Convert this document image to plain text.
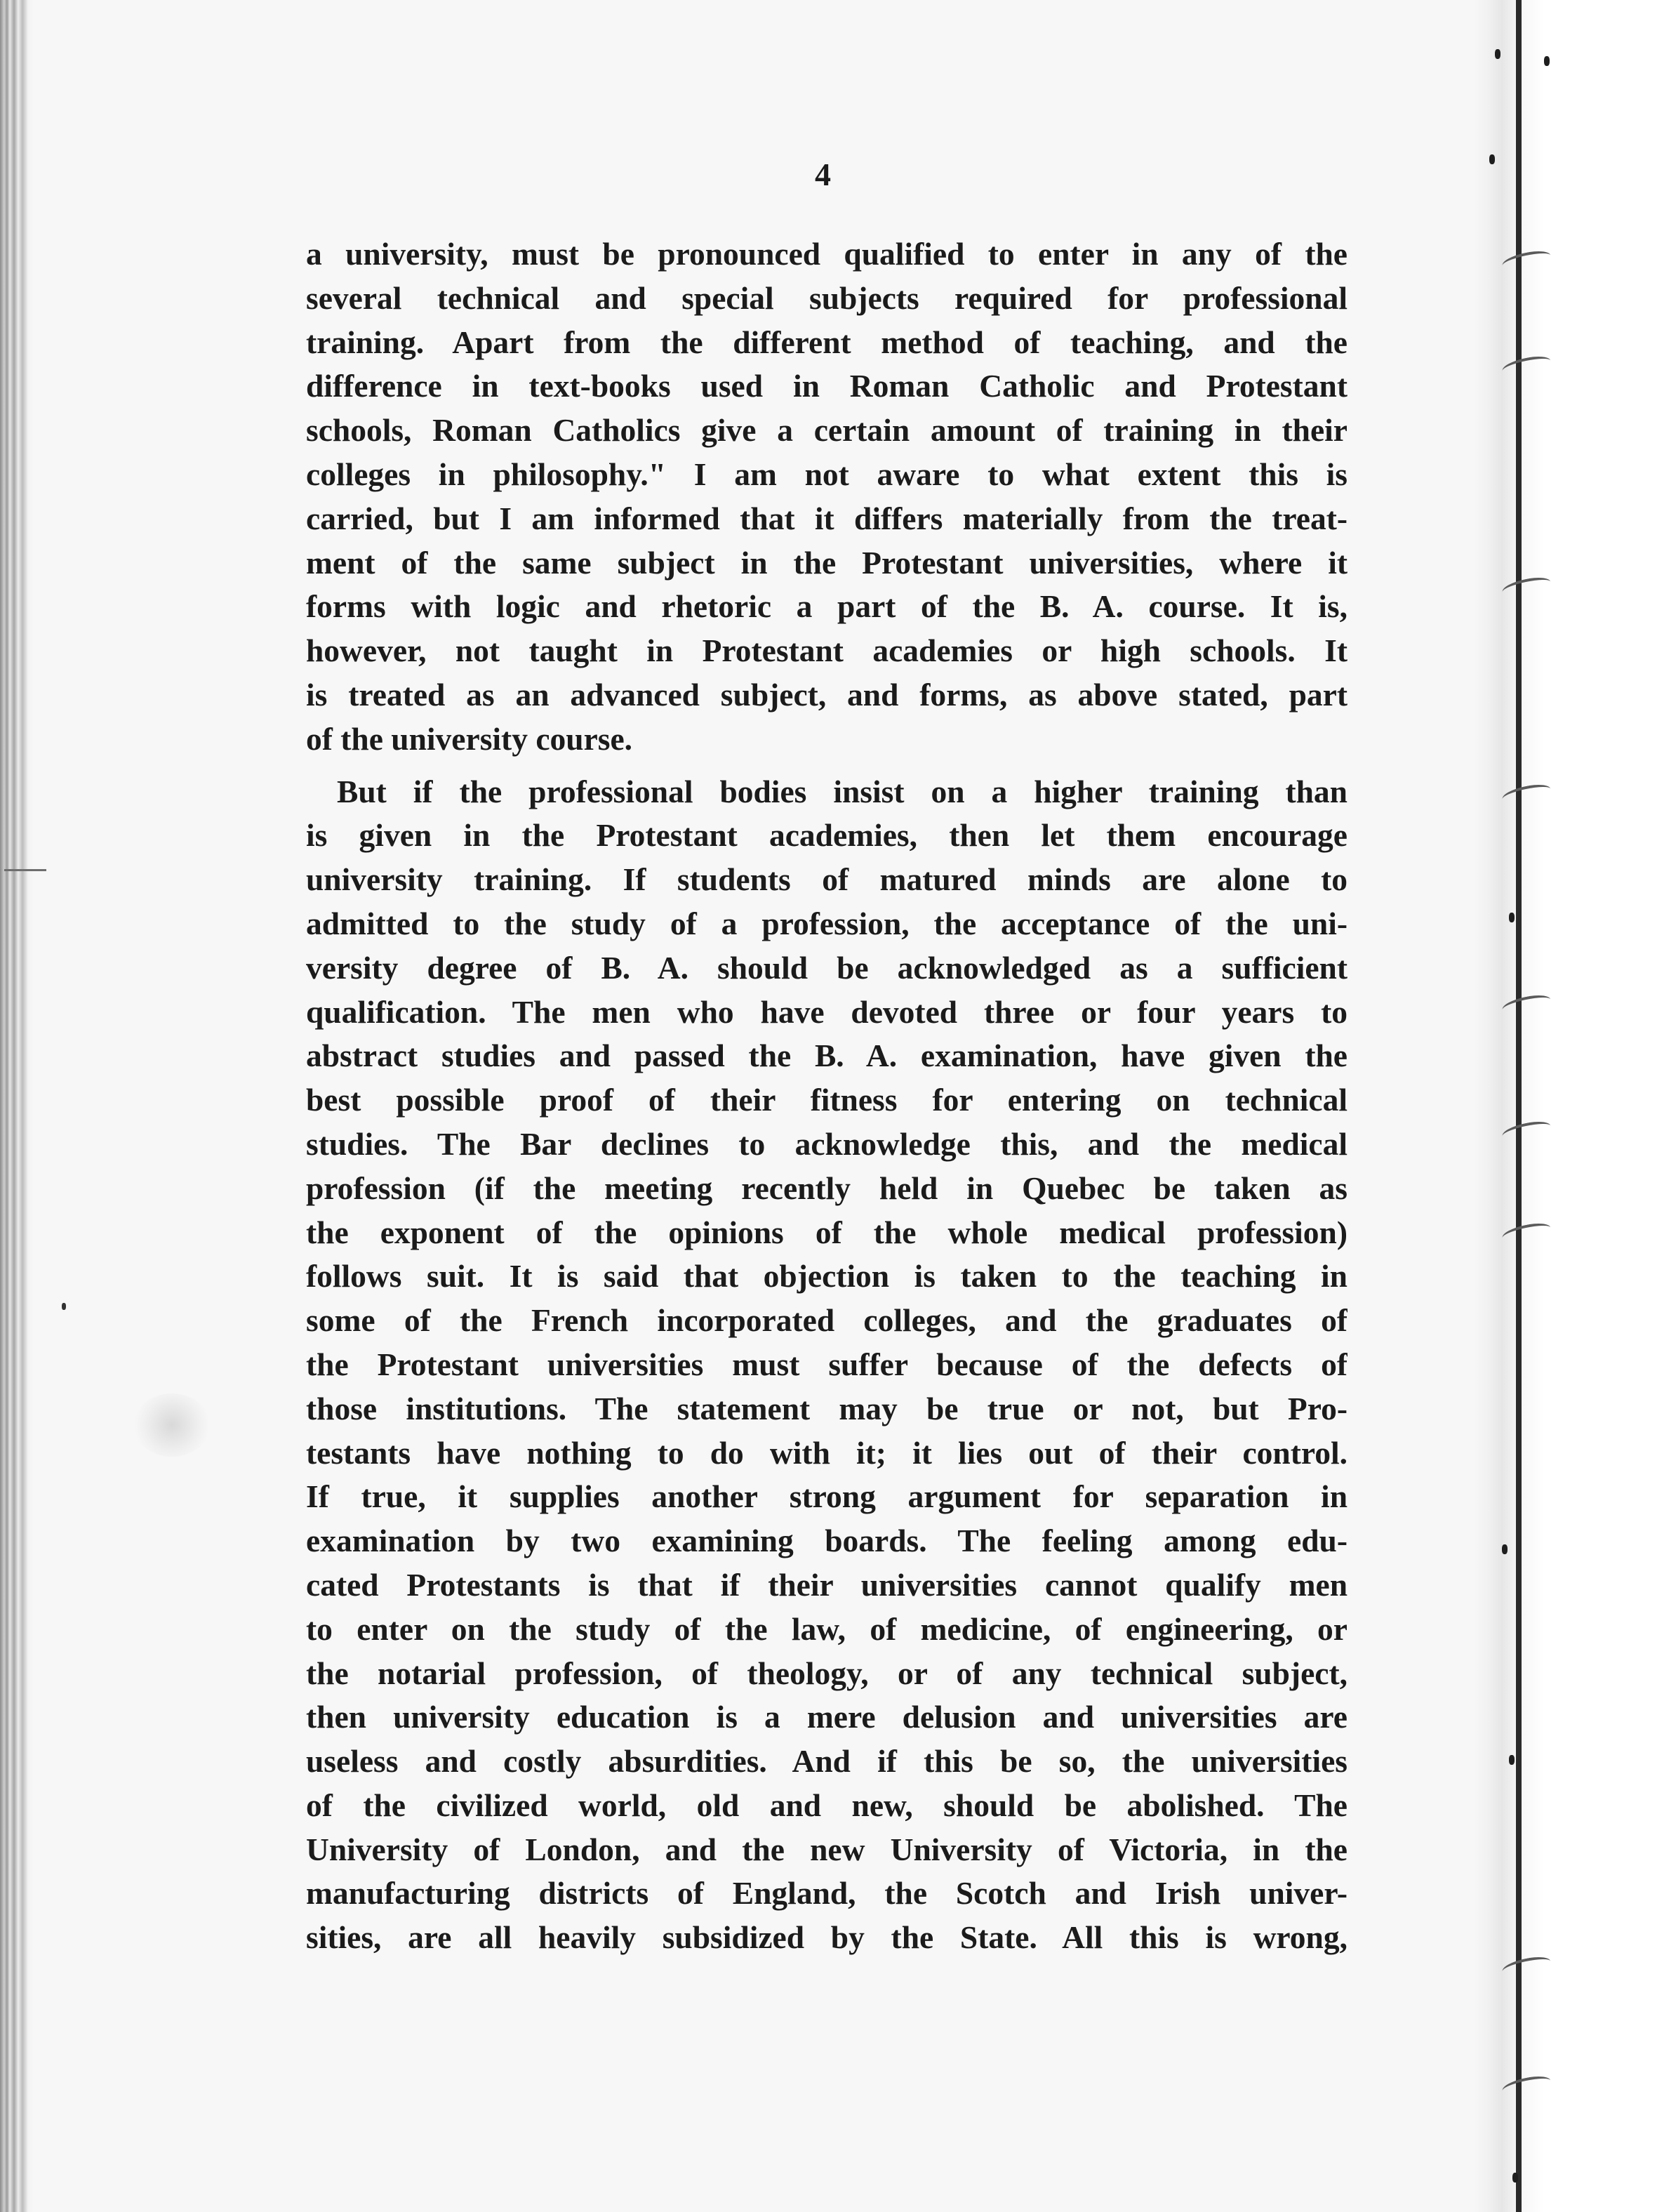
4

a university, must be pronounced qualified to enter in any of the
several technical and special subjects required for professional
training. Apart from the different method of teaching, and the
difference in text-books used in Roman Catholic and Protestant
schools, Roman Catholics give a certain amount of training in their
colleges in philosophy." I am not aware to what extent this is
carried, but I am informed that it differs materially from the treat-
ment of the same subject in the Protestant universities, where it
forms with logic and rhetoric a part of the B. A. course. It is,
however, not taught in Protestant academies or high schools. It
is treated as an advanced subject, and forms, as above stated, part
of the university course.

But if the professional bodies insist on a higher training than
is given in the Protestant academies, then let them encourage
university training. If students of matured minds are alone to
admitted to the study of a profession, the acceptance of the uni-
versity degree of B. A. should be acknowledged as a sufficient
qualification. The men who have devoted three or four years to
abstract studies and passed the B. A. examination, have given the
best possible proof of their fitness for entering on technical
studies. The Bar declines to acknowledge this, and the medical
profession (if the meeting recently held in Quebec be taken as
the exponent of the opinions of the whole medical profession)
follows suit. It is said that objection is taken to the teaching in
some of the French incorporated colleges, and the graduates of
the Protestant universities must suffer because of the defects of
those institutions. The statement may be true or not, but Pro-
testants have nothing to do with it; it lies out of their control.
If true, it supplies another strong argument for separation in
examination by two examining boards. The feeling among edu-
cated Protestants is that if their universities cannot qualify men
to enter on the study of the law, of medicine, of engineering, or
the notarial profession, of theology, or of any technical subject,
then university education is a mere delusion and universities are
useless and costly absurdities. And if this be so, the universities
of the civilized world, old and new, should be abolished. The
University of London, and the new University of Victoria, in the
manufacturing districts of England, the Scotch and Irish univer-
sities, are all heavily subsidized by the State. All this is wrong,
